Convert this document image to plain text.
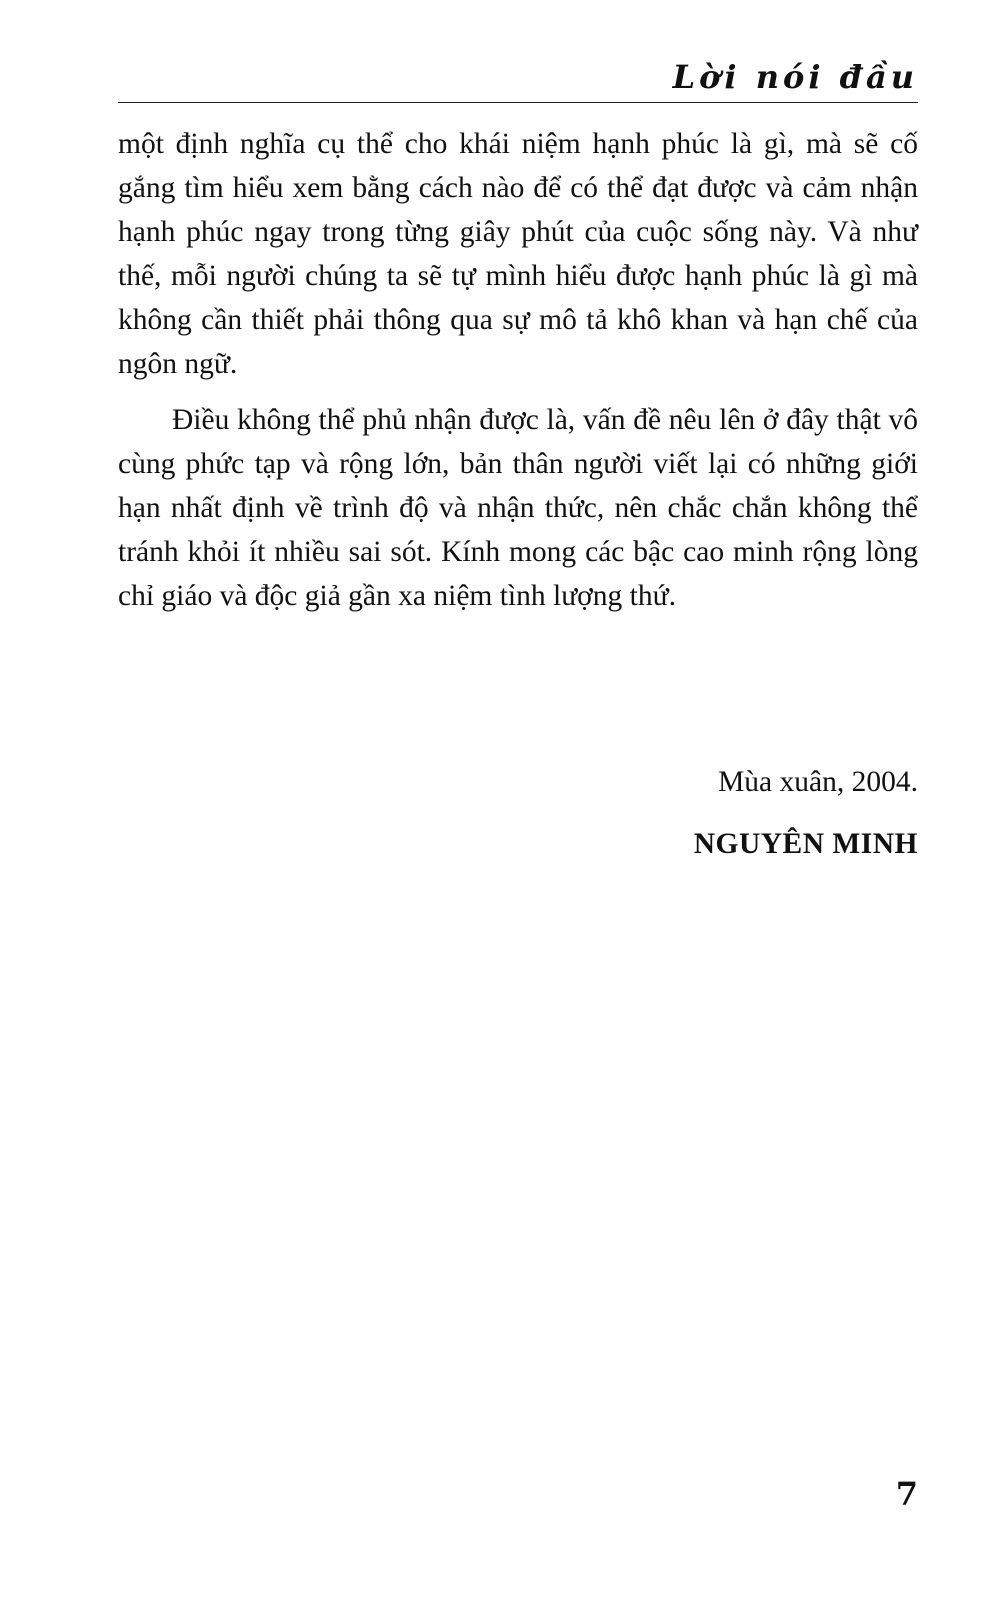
Lời nói đầu

một định nghĩa cụ thể cho khái niệm hạnh phúc là gì, mà sẽ cố gắng tìm hiểu xem bằng cách nào để có thể đạt được và cảm nhận hạnh phúc ngay trong từng giây phút của cuộc sống này. Và như thế, mỗi người chúng ta sẽ tự mình hiểu được hạnh phúc là gì mà không cần thiết phải thông qua sự mô tả khô khan và hạn chế của ngôn ngữ.

Điều không thể phủ nhận được là, vấn đề nêu lên ở đây thật vô cùng phức tạp và rộng lớn, bản thân người viết lại có những giới hạn nhất định về trình độ và nhận thức, nên chắc chắn không thể tránh khỏi ít nhiều sai sót. Kính mong các bậc cao minh rộng lòng chỉ giáo và độc giả gần xa niệm tình lượng thứ.

Mùa xuân, 2004.
NGUYÊN MINH
7
